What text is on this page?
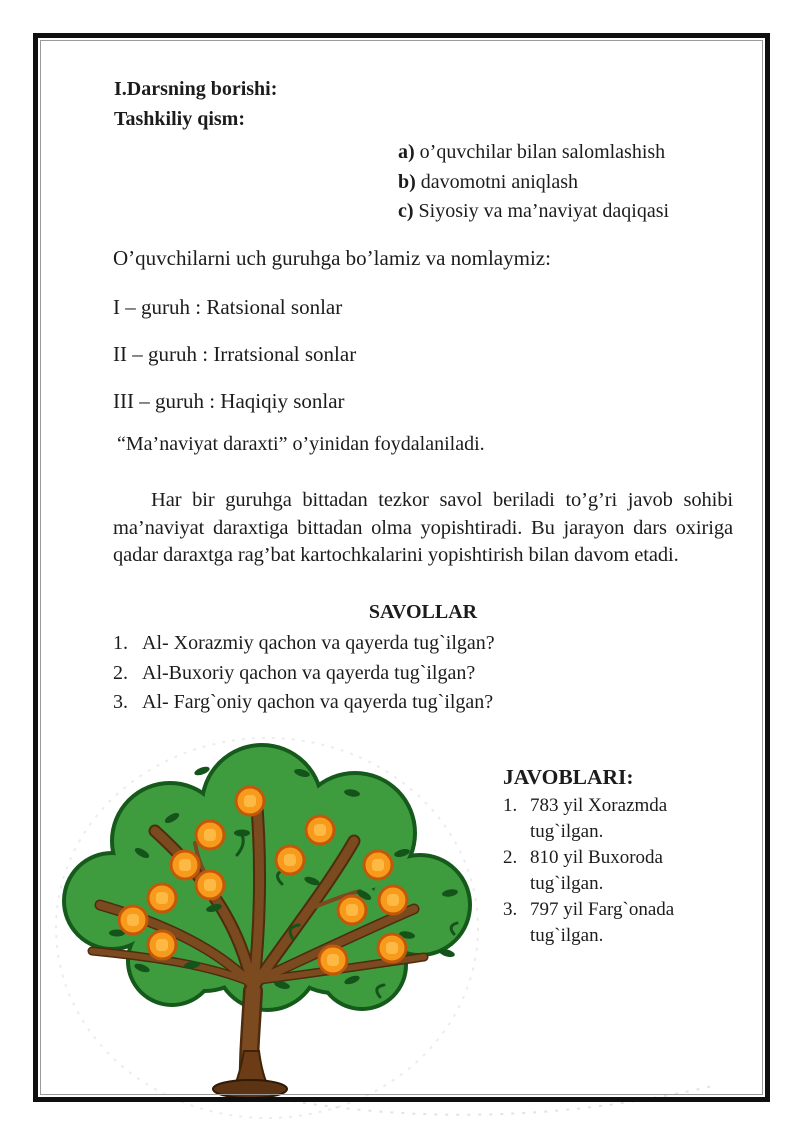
I.Darsning borishi:
Tashkiliy qism:
a) o’quvchilar bilan salomlashish
b) davomotni aniqlash
c) Siyosiy va ma’naviyat daqiqasi
O’quvchilarni uch guruhga bo’lamiz va nomlaymiz:
I – guruh : Ratsional sonlar
II – guruh : Irratsional sonlar
III – guruh : Haqiqiy sonlar
“Ma’naviyat daraxti” o’yinidan foydalaniladi.
Har bir guruhga bittadan tezkor savol beriladi to’g’ri javob sohibi ma’naviyat daraxtiga bittadan olma yopishtiradi. Bu jarayon dars oxiriga qadar daraxtga rag’bat kartochkalarini yopishtirish bilan davom etadi.
SAVOLLAR
1. Al- Xorazmiy qachon va qayerda tug`ilgan?
2. Al-Buxoriy qachon va qayerda tug`ilgan?
3. Al- Farg`oniy qachon va qayerda tug`ilgan?
JAVOBLARI:
1. 783 yil Xorazmda tug`ilgan.
2. 810 yil Buxoroda tug`ilgan.
3. 797 yil Farg`onada tug`ilgan.
